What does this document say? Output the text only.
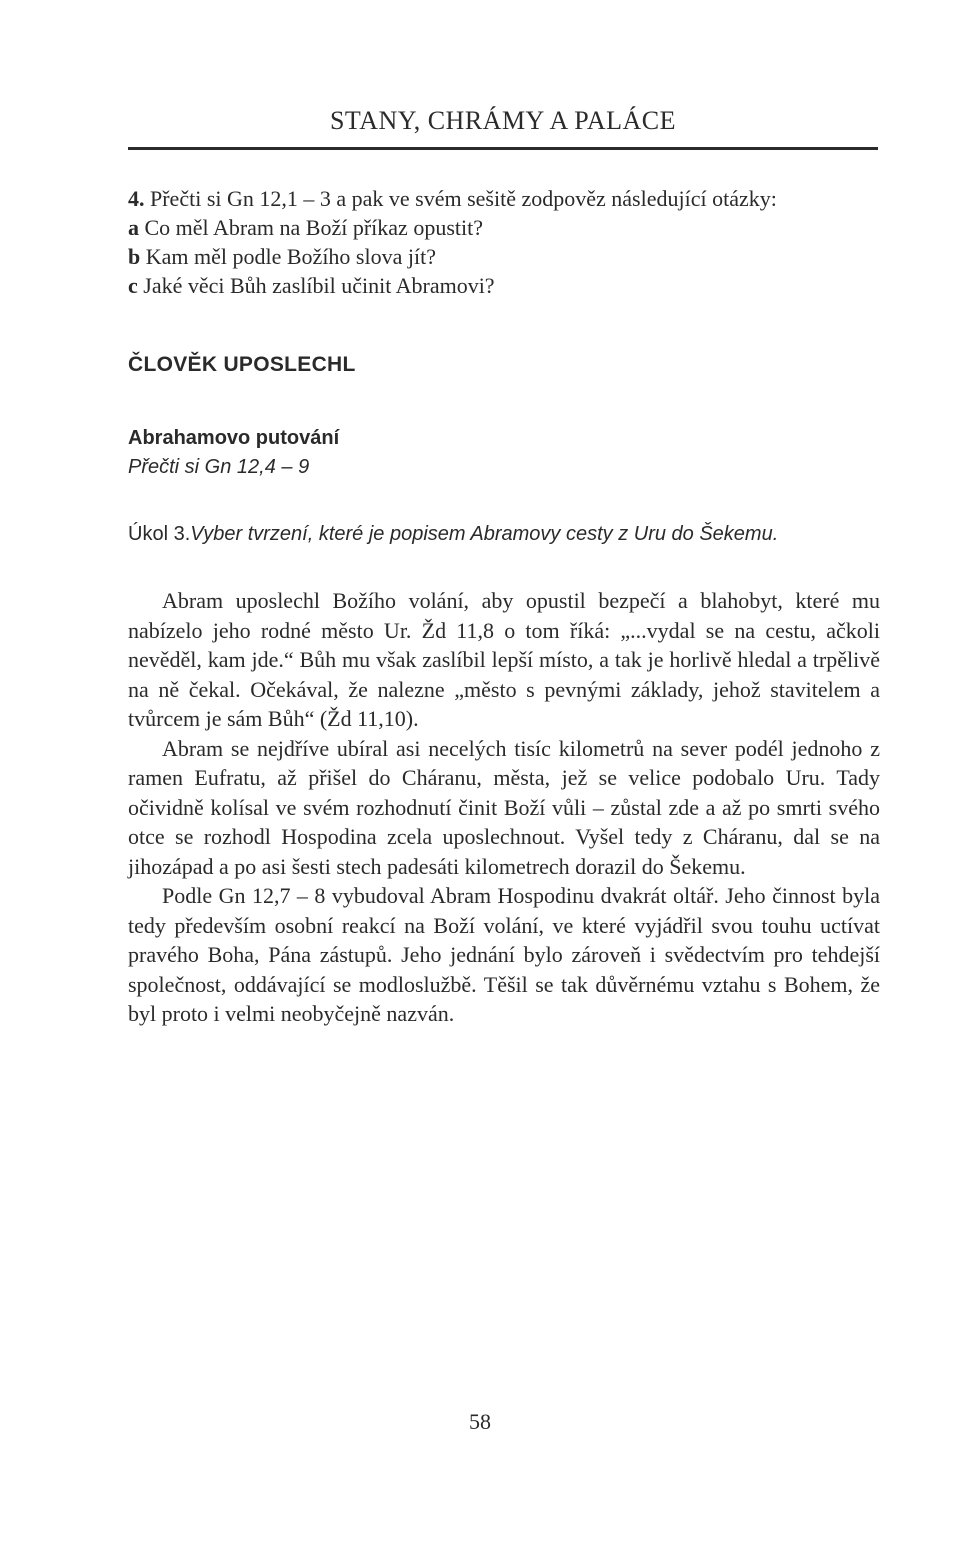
STANY, CHRÁMY A PALÁCE
4. Přečti si Gn 12,1 – 3 a pak ve svém sešitě zodpověz následující otázky:
a Co měl Abram na Boží příkaz opustit?
b Kam měl podle Božího slova jít?
c Jaké věci Bůh zaslíbil učinit Abramovi?
ČLOVĚK UPOSLECHL
Abrahamovo putování
Přečti si Gn 12,4 – 9
Úkol 3. Vyber tvrzení, které je popisem Abramovy cesty z Uru do Šekemu.

Abram uposlechl Božího volání, aby opustil bezpečí a blahobyt, které mu nabízelo jeho rodné město Ur. Žd 11,8 o tom říká: „...vydal se na cestu, ačkoli nevěděl, kam jde.“ Bůh mu však zaslíbil lepší místo, a tak je horlivě hledal a trpělivě na ně čekal. Očekával, že nalezne „město s pevnými základy, jehož stavitelem a tvůrcem je sám Bůh“ (Žd 11,10).

Abram se nejdříve ubíral asi necelých tisíc kilometrů na sever podél jednoho z ramen Eufratu, až přišel do Cháranu, města, jež se velice podobalo Uru. Tady očividně kolísal ve svém rozhodnutí činit Boží vůli – zůstal zde a až po smrti svého otce se rozhodl Hospodina zcela uposlechnout. Vyšel tedy z Cháranu, dal se na jihozápad a po asi šesti stech padesáti kilometrech dorazil do Šekemu.

Podle Gn 12,7 – 8 vybudoval Abram Hospodinu dvakrát oltář. Jeho činnost byla tedy především osobní reakcí na Boží volání, ve které vyjádřil svou touhu uctívat pravého Boha, Pána zástupů. Jeho jednání bylo zároveň i svědectvím pro tehdejší společnost, oddávající se modloslužbě. Těšil se tak důvěrnému vztahu s Bohem, že byl proto i velmi neobyčejně nazván.

58
